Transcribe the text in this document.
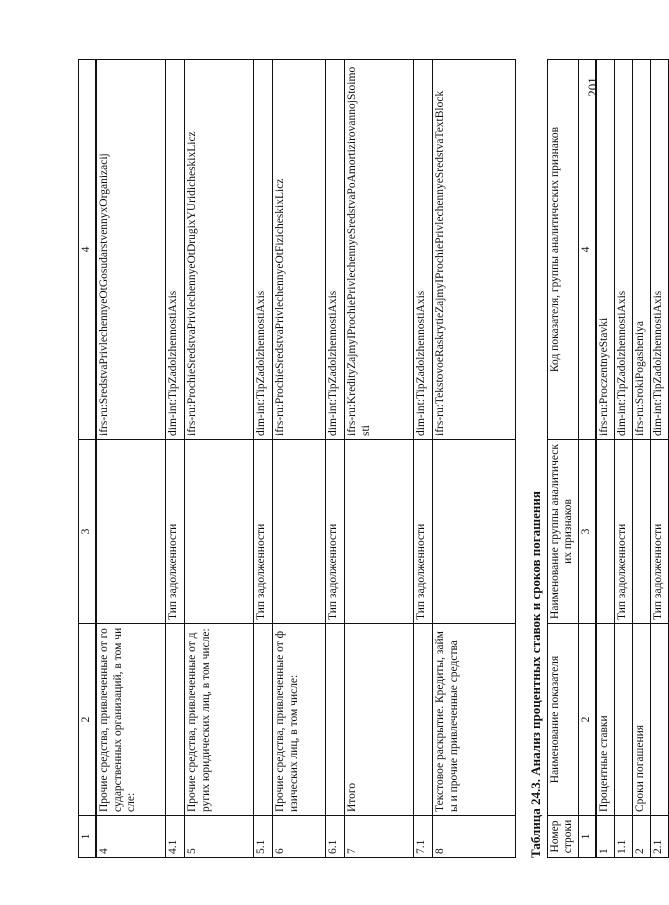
201
1	2	3	4
4	Прочие средства, привлеченные от государственных организаций, в том числе:		ifrs-ru:SredstvaPrivlechennyeOtGosudarstvennyxOrganizacij
4.1		Тип задолженности	dim-int:TipZadolzhennostiAxis
5	Прочие средства, привлеченные от других юридических лиц, в том числе:		ifrs-ru:ProchieSredstvaPrivlechennyeOtDrugixYUridicheskixLicz
5.1		Тип задолженности	dim-int:TipZadolzhennostiAxis
6	Прочие средства, привлеченные от физических лиц, в том числе:		ifrs-ru:ProchieSredstvaPrivlechennyeOtFizicheskixLicz
6.1		Тип задолженности	dim-int:TipZadolzhennostiAxis
7	Итого		ifrs-ru:KredityZajmyIProchiePrivlechennyeSredstvaPoAmortizirovannojStoimosti
7.1		Тип задолженности	dim-int:TipZadolzhennostiAxis
8	Текстовое раскрытие. Кредиты, займы и прочие привлеченные средства		ifrs-ru:TekstovoeRaskrytieZajmyIProchiePrivlechennyeSredstvaTextBlock
Таблица 24.3. Анализ процентных ставок и сроков погашения Номер строки	Наименование показателя	Наименование группы аналитических признаков	Код показателя, группы аналитических признаков
1	2	3	4
1	Процентные ставки		ifrs-ru:ProczentnyeStavki
1.1		Тип задолженности	dim-int:TipZadolzhennostiAxis
2	Сроки погашения		ifrs-ru:SrokiPogasheniya
2.1		Тип задолженности	dim-int:TipZadolzhennostiAxis
